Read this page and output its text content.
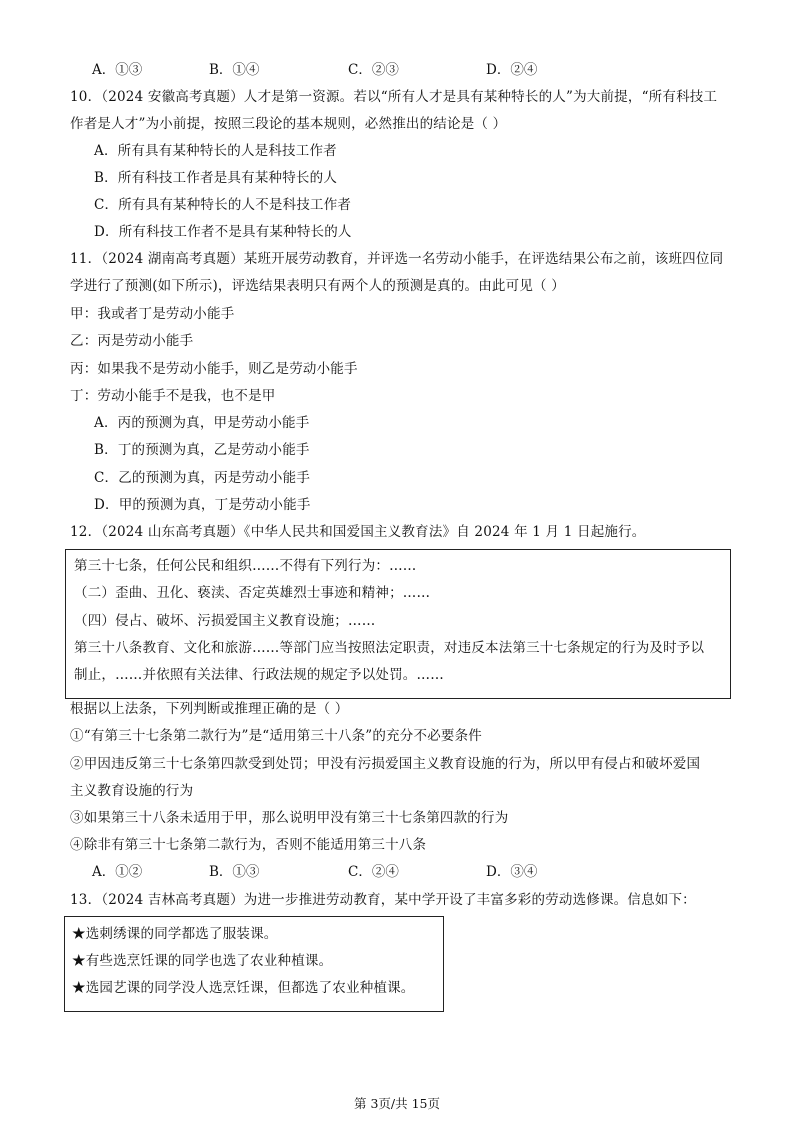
A．①③	B．①④	C．②③	D．②④
10．（2024 安徽高考真题）人才是第一资源。若以“所有人才是具有某种特长的人”为大前提，“所有科技工
作者是人才”为小前提，按照三段论的基本规则，必然推出的结论是（ ）
A．所有具有某种特长的人是科技工作者
B．所有科技工作者是具有某种特长的人
C．所有具有某种特长的人不是科技工作者
D．所有科技工作者不是具有某种特长的人
11．（2024 湖南高考真题）某班开展劳动教育，并评选一名劳动小能手，在评选结果公布之前，该班四位同
学进行了预测(如下所示)，评选结果表明只有两个人的预测是真的。由此可见（ ）
甲：我或者丁是劳动小能手
乙：丙是劳动小能手
丙：如果我不是劳动小能手，则乙是劳动小能手
丁：劳动小能手不是我，也不是甲
A．丙的预测为真，甲是劳动小能手
B．丁的预测为真，乙是劳动小能手
C．乙的预测为真，丙是劳动小能手
D．甲的预测为真，丁是劳动小能手
12．（2024 山东高考真题）《中华人民共和国爱国主义教育法》自 2024 年 1 月 1 日起施行。
第三十七条，任何公民和组织……不得有下列行为：……
（二）歪曲、丑化、亵渎、否定英雄烈士事迹和精神；……
（四）侵占、破坏、污损爱国主义教育设施；……
第三十八条教育、文化和旅游……等部门应当按照法定职责，对违反本法第三十七条规定的行为及时予以
制止，……并依照有关法律、行政法规的规定予以处罚。……
根据以上法条，下列判断或推理正确的是（ ）
①“有第三十七条第二款行为”是“适用第三十八条”的充分不必要条件
②甲因违反第三十七条第四款受到处罚；甲没有污损爱国主义教育设施的行为，所以甲有侵占和破坏爱国
主义教育设施的行为
③如果第三十八条未适用于甲，那么说明甲没有第三十七条第四款的行为
④除非有第三十七条第二款行为，否则不能适用第三十八条
A．①②	B．①③	C．②④	D．③④
13．（2024 吉林高考真题）为进一步推进劳动教育，某中学开设了丰富多彩的劳动选修课。信息如下：
★选刺绣课的同学都选了服装课。
★有些选烹饪课的同学也选了农业种植课。
★选园艺课的同学没人选烹饪课，但都选了农业种植课。
第 3页/共 15页
